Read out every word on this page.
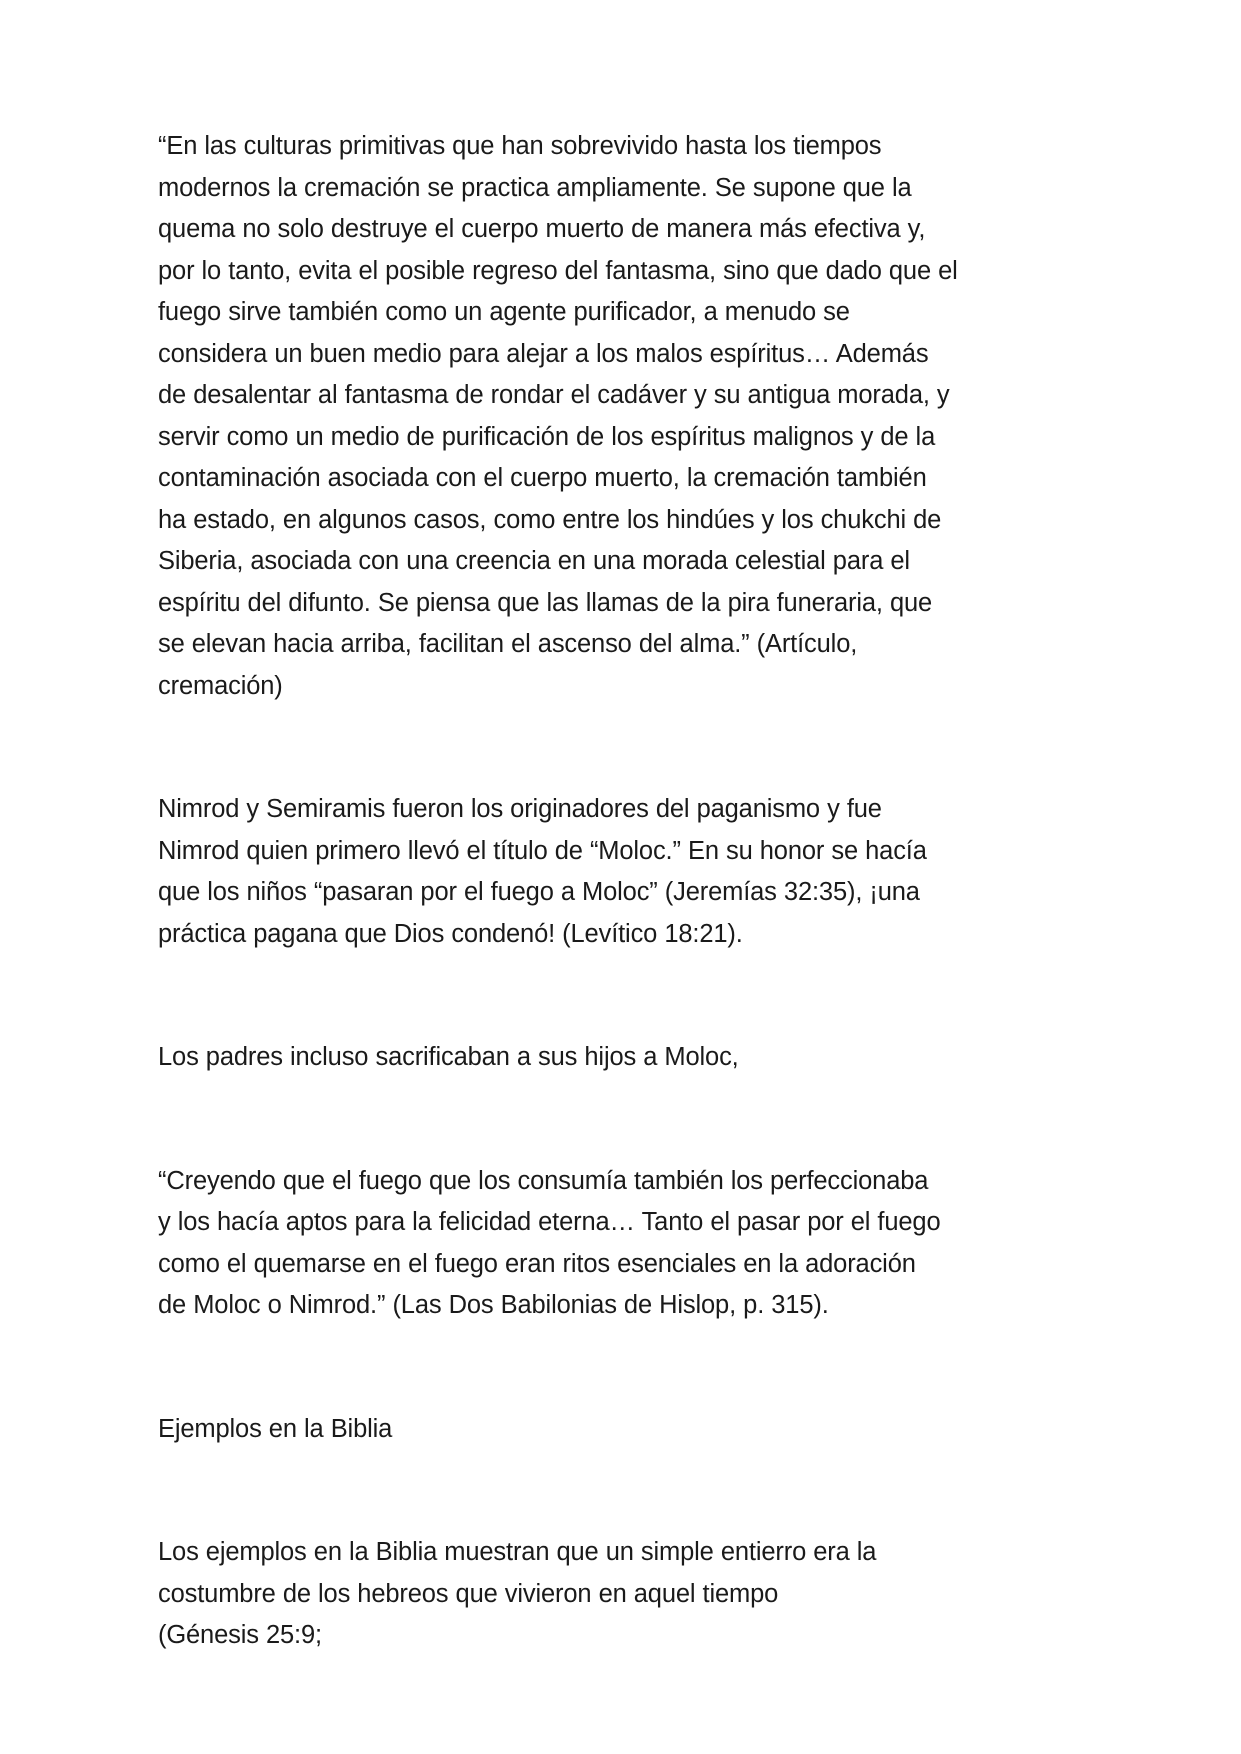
“En las culturas primitivas que han sobrevivido hasta los tiempos modernos la cremación se practica ampliamente. Se supone que la quema no solo destruye el cuerpo muerto de manera más efectiva y, por lo tanto, evita el posible regreso del fantasma, sino que dado que el fuego sirve también como un agente purificador, a menudo se considera un buen medio para alejar a los malos espíritus… Además de desalentar al fantasma de rondar el cadáver y su antigua morada, y servir como un medio de purificación de los espíritus malignos y de la contaminación asociada con el cuerpo muerto, la cremación también ha estado, en algunos casos, como entre los hindúes y los chukchi de Siberia, asociada con una creencia en una morada celestial para el espíritu del difunto. Se piensa que las llamas de la pira funeraria, que se elevan hacia arriba, facilitan el ascenso del alma.” (Artículo, cremación)

Nimrod y Semiramis fueron los originadores del paganismo y fue Nimrod quien primero llevó el título de “Moloc.” En su honor se hacía que los niños “pasaran por el fuego a Moloc” (Jeremías 32:35), ¡una práctica pagana que Dios condenó! (Levítico 18:21).

Los padres incluso sacrificaban a sus hijos a Moloc,

“Creyendo que el fuego que los consumía también los perfeccionaba y los hacía aptos para la felicidad eterna… Tanto el pasar por el fuego como el quemarse en el fuego eran ritos esenciales en la adoración de Moloc o Nimrod.” (Las Dos Babilonias de Hislop, p. 315).

Ejemplos en la Biblia

Los ejemplos en la Biblia muestran que un simple entierro era la costumbre de los hebreos que vivieron en aquel tiempo (Génesis 25:9;
